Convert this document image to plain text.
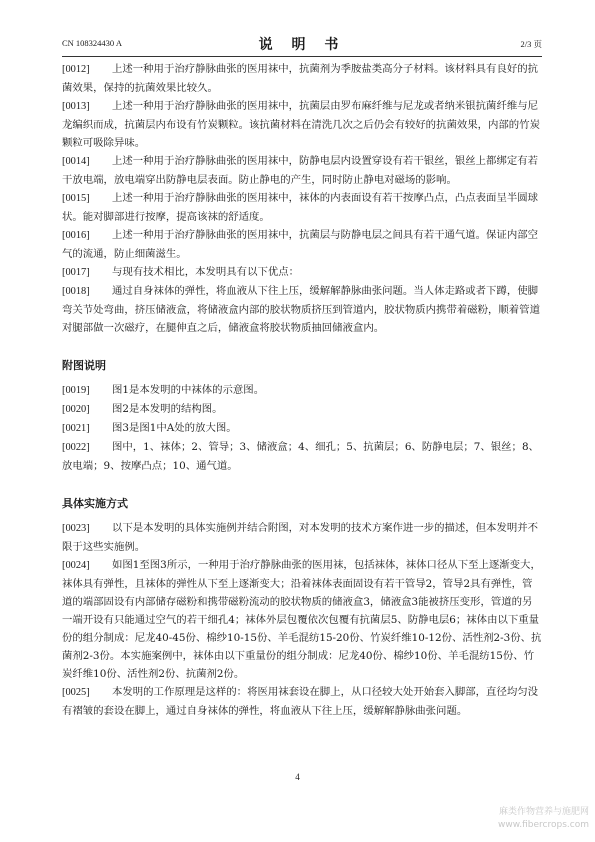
CN 108324430 A	说 明 书	2/3 页
[0012] 上述一种用于治疗静脉曲张的医用袜中，抗菌剂为季胺盐类高分子材料。该材料具有良好的抗菌效果，保持的抗菌效果比较久。
[0013] 上述一种用于治疗静脉曲张的医用袜中，抗菌层由罗布麻纤维与尼龙或者纳米银抗菌纤维与尼龙编织而成，抗菌层内布设有竹炭颗粒。该抗菌材料在清洗几次之后仍会有较好的抗菌效果，内部的竹炭颗粒可吸除异味。
[0014] 上述一种用于治疗静脉曲张的医用袜中，防静电层内设置穿设有若干银丝，银丝上都绑定有若干放电端，放电端穿出防静电层表面。防止静电的产生，同时防止静电对磁场的影响。
[0015] 上述一种用于治疗静脉曲张的医用袜中，袜体的内表面设有若干按摩凸点，凸点表面呈半圆球状。能对脚部进行按摩，提高该袜的舒适度。
[0016] 上述一种用于治疗静脉曲张的医用袜中，抗菌层与防静电层之间具有若干通气道。保证内部空气的流通，防止细菌滋生。
[0017] 与现有技术相比，本发明具有以下优点：
[0018] 通过自身袜体的弹性，将血液从下往上压，缓解解静脉曲张问题。当人体走路或者下蹲，使脚弯关节处弯曲，挤压储液盒，将储液盒内部的胶状物质挤压到管道内，胶状物质内携带着磁粉，顺着管道对腿部做一次磁疗，在腿伸直之后，储液盒将胶状物质抽回储液盒内。
附图说明
[0019] 图1是本发明的中袜体的示意图。
[0020] 图2是本发明的结构图。
[0021] 图3是图1中A处的放大图。
[0022] 图中，1、袜体；2、管导；3、储液盒；4、细孔；5、抗菌层；6、防静电层；7、银丝；8、放电端；9、按摩凸点；10、通气道。
具体实施方式
[0023] 以下是本发明的具体实施例并结合附图，对本发明的技术方案作进一步的描述，但本发明并不限于这些实施例。
[0024] 如图1至图3所示，一种用于治疗静脉曲张的医用袜，包括袜体，袜体口径从下至上逐渐变大，袜体具有弹性，且袜体的弹性从下至上逐渐变大；沿着袜体表面固设有若干管导2，管导2具有弹性，管道的端部固设有内部储存磁粉和携带磁粉流动的胶状物质的储液盒3，储液盒3能被挤压变形，管道的另一端开设有只能通过空气的若干细孔4；袜体外层包覆依次包覆有抗菌层5、防静电层6；袜体由以下重量份的组分制成：尼龙40-45份、棉纱10-15份、羊毛混纺15-20份、竹炭纤维10-12份、活性剂2-3份、抗菌剂2-3份。本实施案例中，袜体由以下重量份的组分制成：尼龙40份、棉纱10份、羊毛混纺15份、竹炭纤维10份、活性剂2份、抗菌剂2份。
[0025] 本发明的工作原理是这样的：将医用袜套设在脚上，从口径较大处开始套入脚部，直径均匀没有褶皱的套设在脚上，通过自身袜体的弹性，将血液从下往上压，缓解解静脉曲张问题。
4
麻类作物营养与施肥网
www.fibercrops.com
